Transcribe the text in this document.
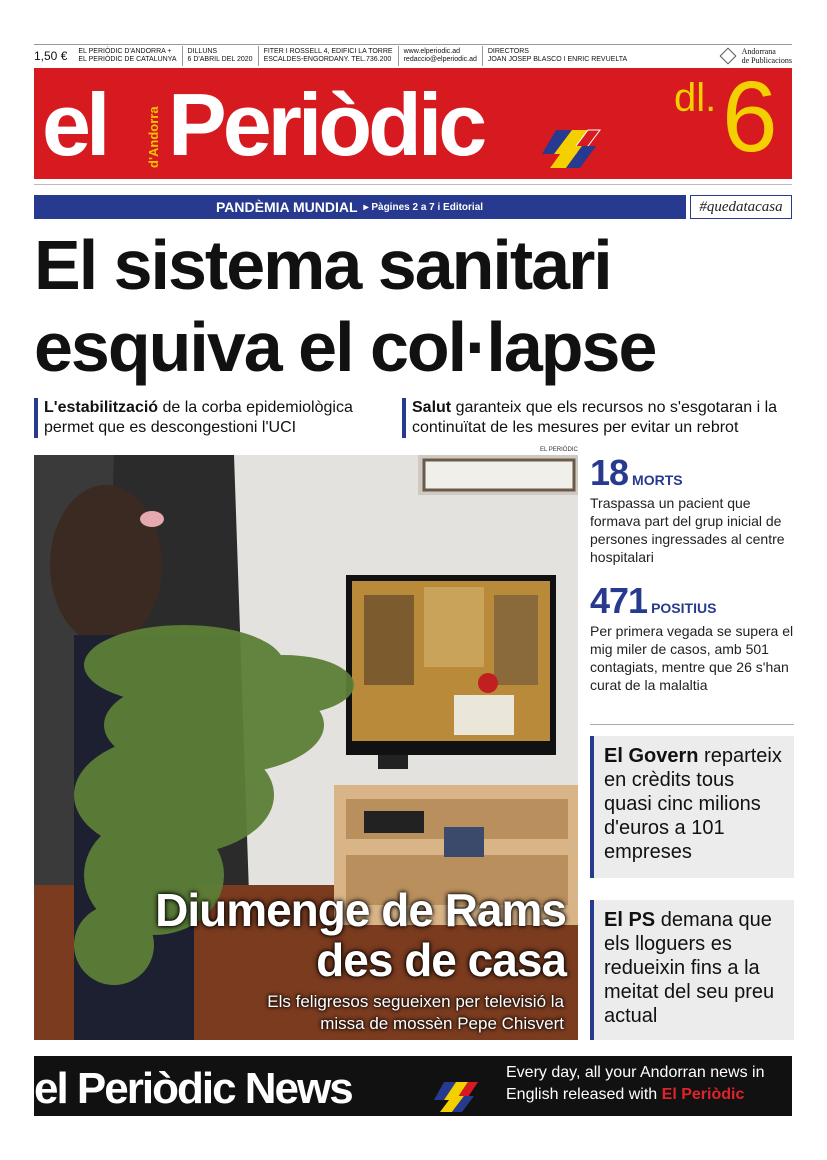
1,50 € EL PERIÒDIC D'ANDORRA +
EL PERIÒDIC DE CATALUNYA
DILLUNS
6 D'ABRIL DEL 2020
FITER I ROSSELL 4, EDIFICI LA TORRE
ESCALDES-ENGORDANY. TEL.736.200
www.elperiodic.ad
redaccio@elperiodic.ad
DIRECTORS
JOAN JOSEP BLASCO I ENRIC REVUELTA
Andorrana
de Publicacions
el	d'Andorra Periòdic	dl. 6
PANDÈMIA MUNDIAL ▸ Pàgines 2 a 7 i Editorial	#quedatacasa
El sistema sanitari
esquiva el col·lapse
L'estabilització de la corba epidemiològica permet que es descongestioni l'UCI
Salut garanteix que els recursos no s'esgotaran i la continuïtat de les mesures per evitar un rebrot
EL PERIÒDIC
Diumenge de Rams
des de casa
Els feligresos segueixen per televisió la
missa de mossèn Pepe Chisvert
18 MORTS
Traspassa un pacient que formava part del grup inicial de persones ingressades al centre hospitalari
471 POSITIUS
Per primera vegada se supera el mig miler de casos, amb 501 contagiats, mentre que 26 s'han curat de la malaltia
El Govern reparteix en crèdits tous quasi cinc milions d'euros a 101 empreses
El PS demana que els lloguers es redueixin fins a la meitat del seu preu actual
el Periòdic News	Every day, all your Andorran news in
English released with El Periòdic
